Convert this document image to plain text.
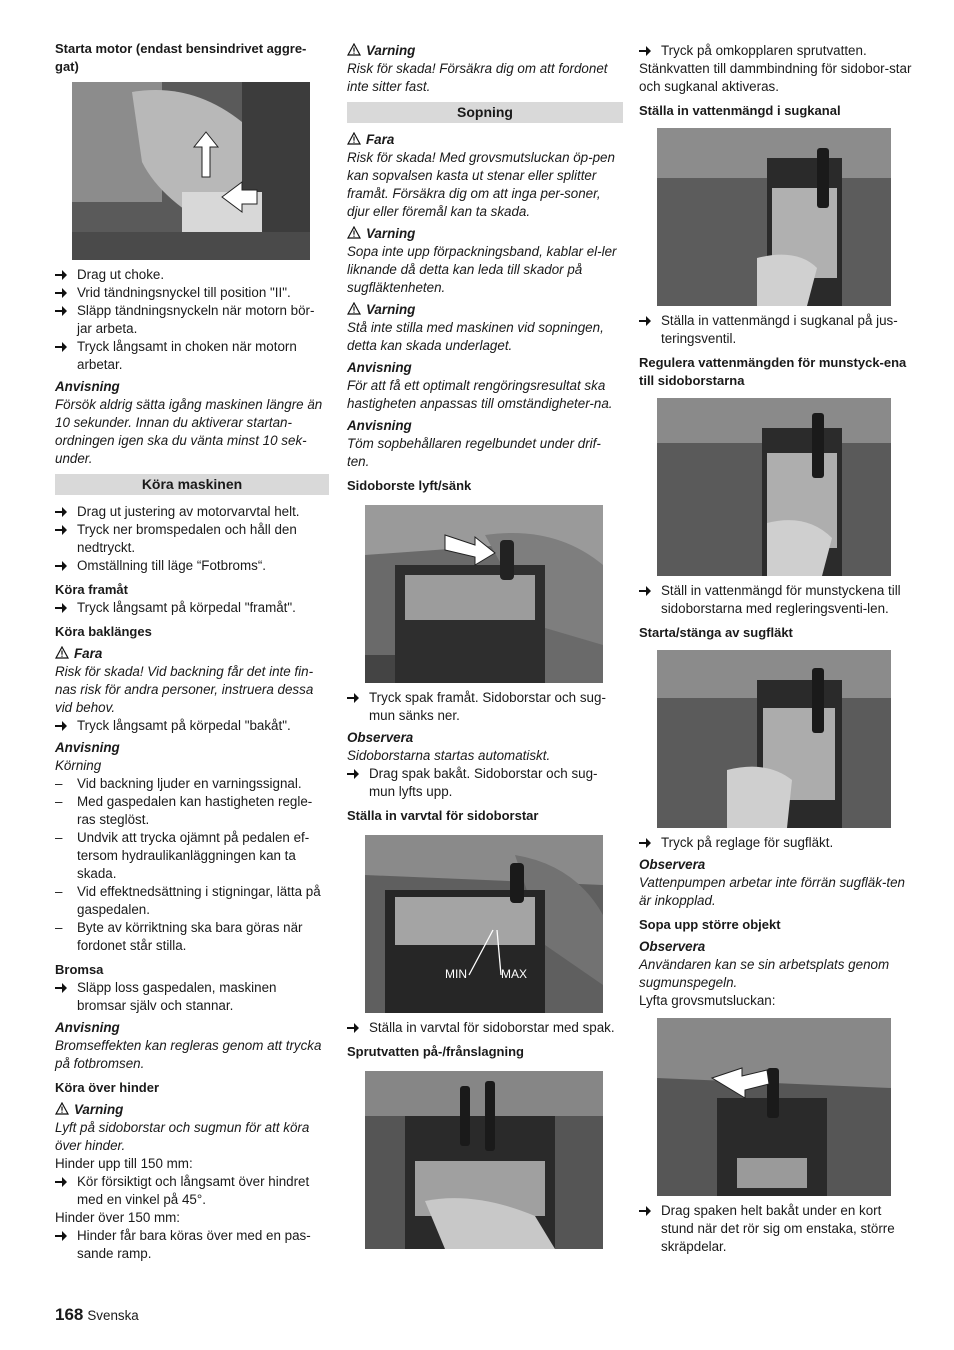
Starta motor (endast bensindrivet aggre-gat)

Drag ut choke.
Vrid tändningsnyckel till position "II".
Släpp tändningsnyckeln när motorn bör-jar arbeta.
Tryck långsamt in choken när motorn arbetar.

Anvisning

Försök aldrig sätta igång maskinen längre än 10 sekunder. Innan du aktiverar startan-ordningen igen ska du vänta minst 10 sek-under.

Köra maskinen
Drag ut justering av motorvarvtal helt.
Tryck ner bromspedalen och håll den nedtryckt.
Omställning till läge “Fotbroms“.

Köra framåt

Tryck långsamt på körpedal "framåt".

Köra baklänges

Fara

Risk för skada! Vid backning får det inte fin-nas risk för andra personer, instruera dessa vid behov.

Tryck långsamt på körpedal "bakåt".

Anvisning

Körning

–	Vid backning ljuder en varningssignal.
–	Med gaspedalen kan hastigheten regle-ras steglöst.
–	Undvik att trycka ojämnt på pedalen ef-tersom hydraulikanläggningen kan ta skada.
–	Vid effektnedsättning i stigningar, lätta på gaspedalen.
–	Byte av körriktning ska bara göras när fordonet står stilla.

Bromsa

Släpp loss gaspedalen, maskinen bromsar själv och stannar.

Anvisning

Bromseffekten kan regleras genom att trycka på fotbromsen.

Köra över hinder

Varning

Lyft på sidoborstar och sugmun för att köra över hinder.

Hinder upp till 150 mm:

Kör försiktigt och långsamt över hindret med en vinkel på 45°.

Hinder över 150 mm:

Hinder får bara köras över med en pas-sande ramp.

Varning

Risk för skada! Försäkra dig om att fordonet inte sitter fast.

Sopning

Fara

Risk för skada! Med grovsmutsluckan öp-pen kan sopvalsen kasta ut stenar eller splitter framåt. Försäkra dig om att inga per-soner, djur eller föremål kan ta skada.

Varning

Sopa inte upp förpackningsband, kablar el-ler liknande då detta kan leda till skador på sugfläktenheten.

Varning

Stå inte stilla med maskinen vid sopningen, detta kan skada underlaget.

Anvisning

För att få ett optimalt rengöringsresultat ska hastigheten anpassas till omständigheter-na.

Anvisning

Töm sopbehållaren regelbundet under drif-ten.

Sidoborste lyft/sänk

Tryck spak framåt. Sidoborstar och sug-mun sänks ner.

Observera

Sidoborstarna startas automatiskt.

Drag spak bakåt. Sidoborstar och sug-mun lyfts upp.

Ställa in varvtal för sidoborstar

MIN	MAX
Ställa in varvtal för sidoborstar med spak.

Sprutvatten på-/frånslagning

Tryck på omkopplaren sprutvatten.

Stänkvatten till dammbindning för sidobor-star och sugkanal aktiveras.

Ställa in vattenmängd i sugkanal

Ställa in vattenmängd i sugkanal på jus-teringsventil.

Regulera vattenmängden för munstyck-ena till sidoborstarna

Ställ in vattenmängd för munstyckena till sidoborstarna med regleringsventi-len.

Starta/stänga av sugfläkt

Tryck på reglage för sugfläkt.

Observera

Vattenpumpen arbetar inte förrän sugfläk-ten är inkopplad.

Sopa upp större objekt

Observera

Användaren kan se sin arbetsplats genom sugmunspegeln.

Lyfta grovsmutsluckan:

Drag spaken helt bakåt under en kort stund när det rör sig om enstaka, större skräpdelar.
168 Svenska
